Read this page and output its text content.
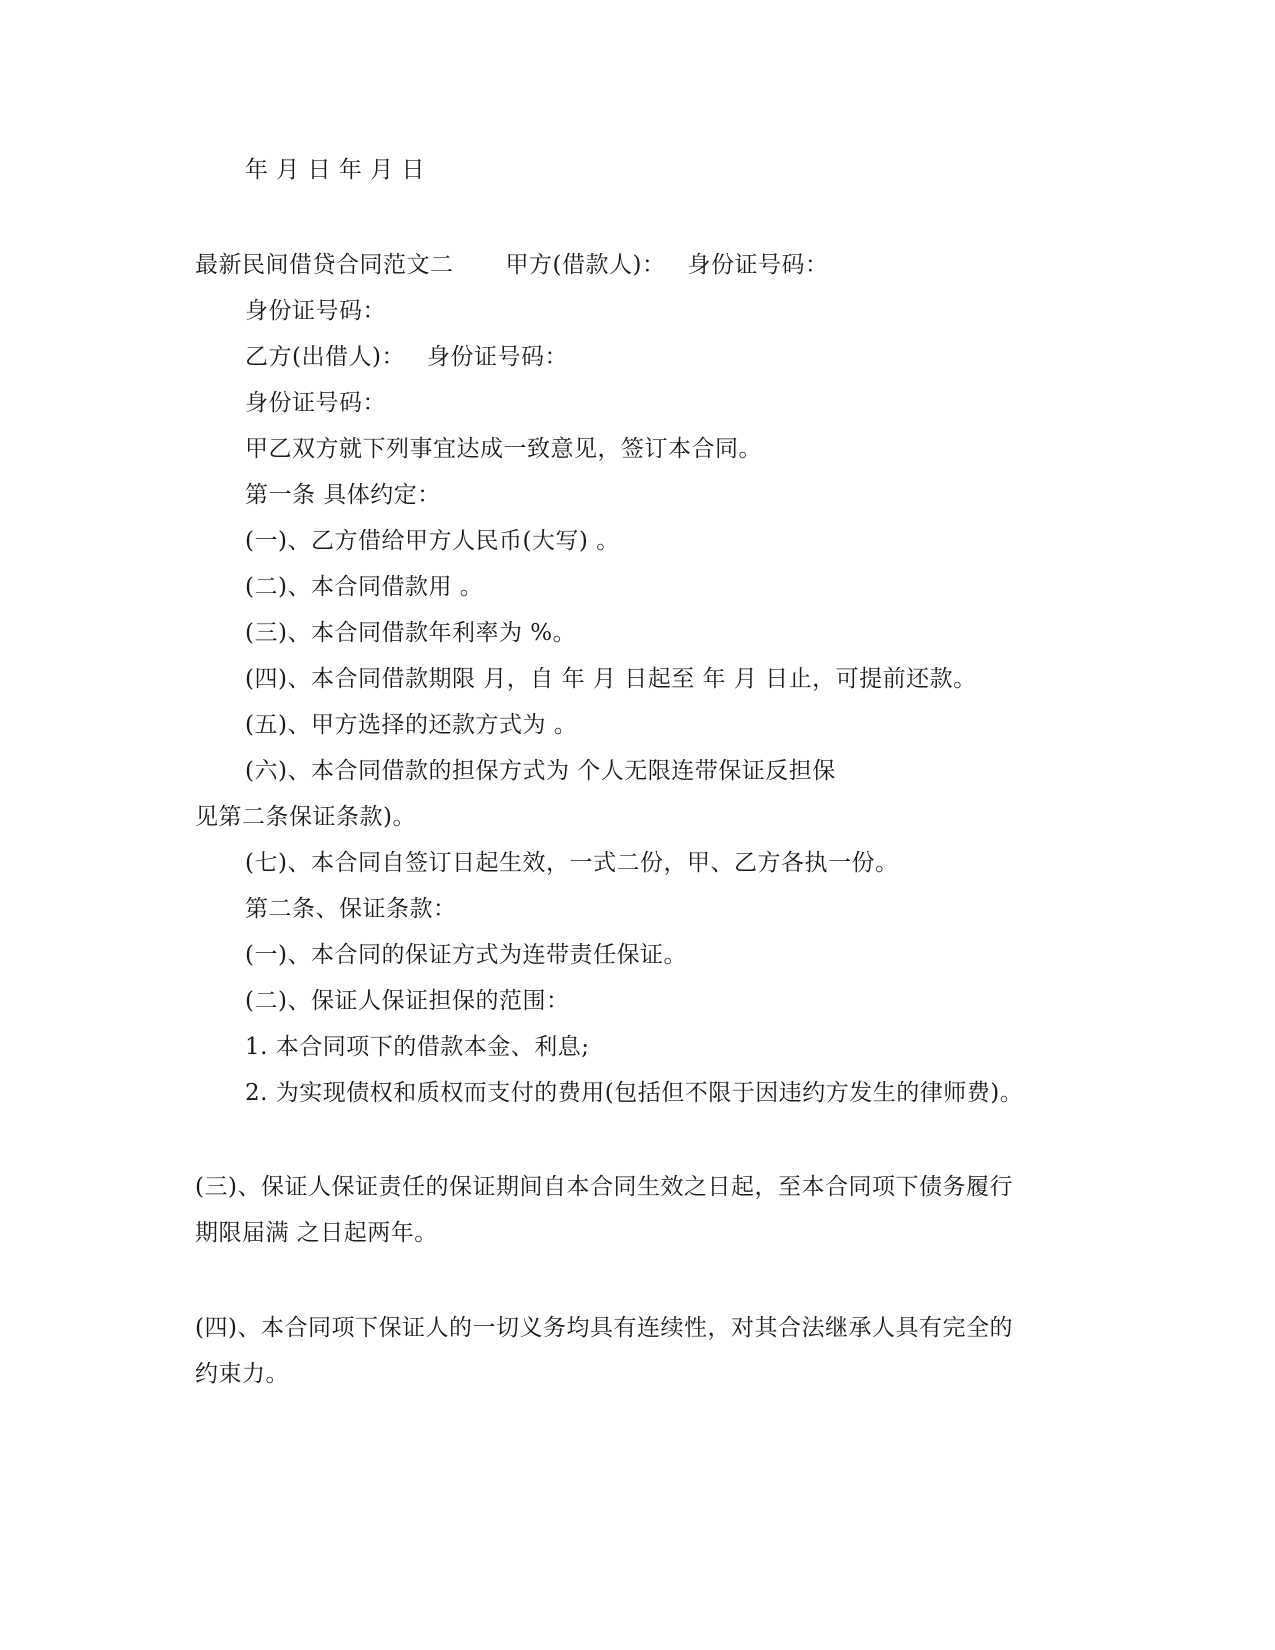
年 月 日 年 月 日
最新民间借贷合同范文二 甲方(借款人)： 身份证号码：
身份证号码：
乙方(出借人)： 身份证号码：
身份证号码：
甲乙双方就下列事宜达成一致意见，签订本合同。
第一条 具体约定：
(一)、乙方借给甲方人民币(大写) 。
(二)、本合同借款用 。
(三)、本合同借款年利率为 %。
(四)、本合同借款期限 月，自 年 月 日起至 年 月 日止，可提前还款。
(五)、甲方选择的还款方式为 。
(六)、本合同借款的担保方式为 个人无限连带保证反担保
见第二条保证条款)。
(七)、本合同自签订日起生效，一式二份，甲、乙方各执一份。
第二条、保证条款：
(一)、本合同的保证方式为连带责任保证。
(二)、保证人保证担保的范围：
1. 本合同项下的借款本金、利息;
2. 为实现债权和质权而支付的费用(包括但不限于因违约方发生的律师费)。
(三)、保证人保证责任的保证期间自本合同生效之日起，至本合同项下债务履行
期限届满 之日起两年。
(四)、本合同项下保证人的一切义务均具有连续性，对其合法继承人具有完全的
约束力。
